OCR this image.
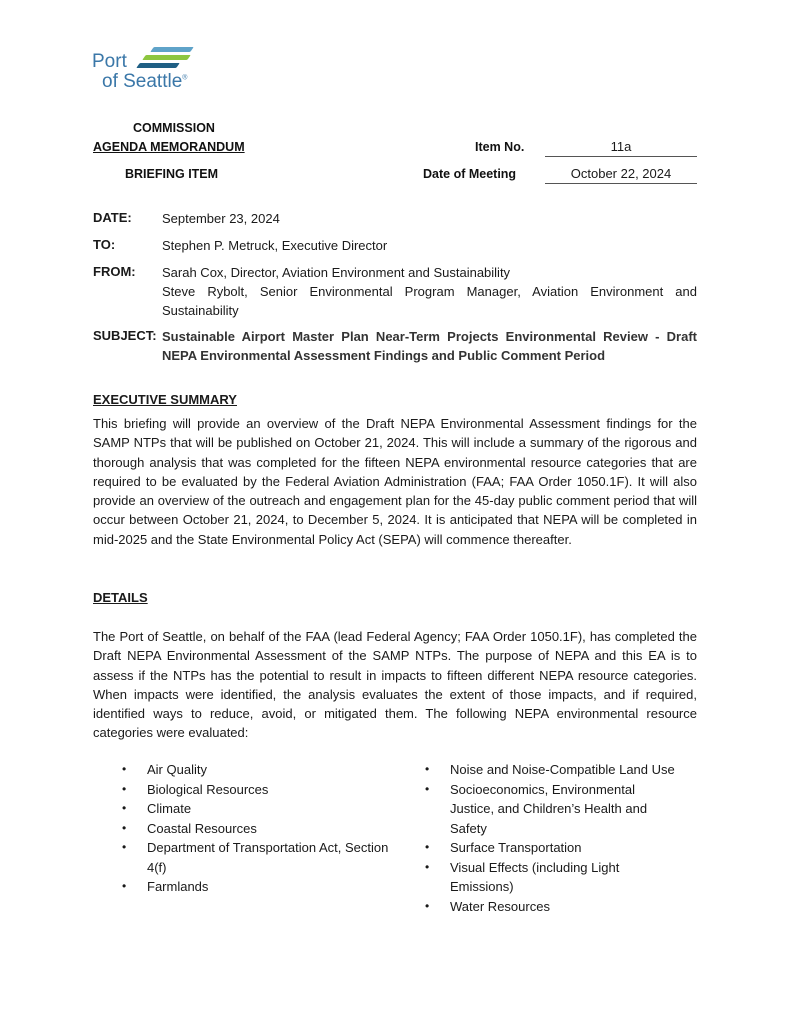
Port
of Seattle®
COMMISSION
AGENDA MEMORANDUM
BRIEFING ITEM
Item No.	11a
Date of Meeting	October 22, 2024
DATE: September 23, 2024
TO:	Stephen P. Metruck, Executive Director
FROM: Sarah Cox, Director, Aviation Environment and Sustainability
Steve Rybolt, Senior Environmental Program Manager, Aviation Environment and Sustainability
SUBJECT: Sustainable Airport Master Plan Near-Term Projects Environmental Review - Draft NEPA Environmental Assessment Findings and Public Comment Period
EXECUTIVE SUMMARY
This briefing will provide an overview of the Draft NEPA Environmental Assessment findings for the SAMP NTPs that will be published on October 21, 2024. This will include a summary of the rigorous and thorough analysis that was completed for the fifteen NEPA environmental resource categories that are required to be evaluated by the Federal Aviation Administration (FAA; FAA Order 1050.1F). It will also provide an overview of the outreach and engagement plan for the 45-day public comment period that will occur between October 21, 2024, to December 5, 2024. It is anticipated that NEPA will be completed in mid-2025 and the State Environmental Policy Act (SEPA) will commence thereafter.
DETAILS
The Port of Seattle, on behalf of the FAA (lead Federal Agency; FAA Order 1050.1F), has completed the Draft NEPA Environmental Assessment of the SAMP NTPs. The purpose of NEPA and this EA is to assess if the NTPs has the potential to result in impacts to fifteen different NEPA resource categories. When impacts were identified, the analysis evaluates the extent of those impacts, and if required, identified ways to reduce, avoid, or mitigated them. The following NEPA environmental resource categories were evaluated:
• Air Quality
• Biological Resources
• Climate
• Coastal Resources
• Department of Transportation Act, Section 4(f)
• Farmlands
• Noise and Noise-Compatible Land Use
• Socioeconomics, Environmental Justice, and Children’s Health and Safety
• Surface Transportation
• Visual Effects (including Light Emissions)
• Water Resources
